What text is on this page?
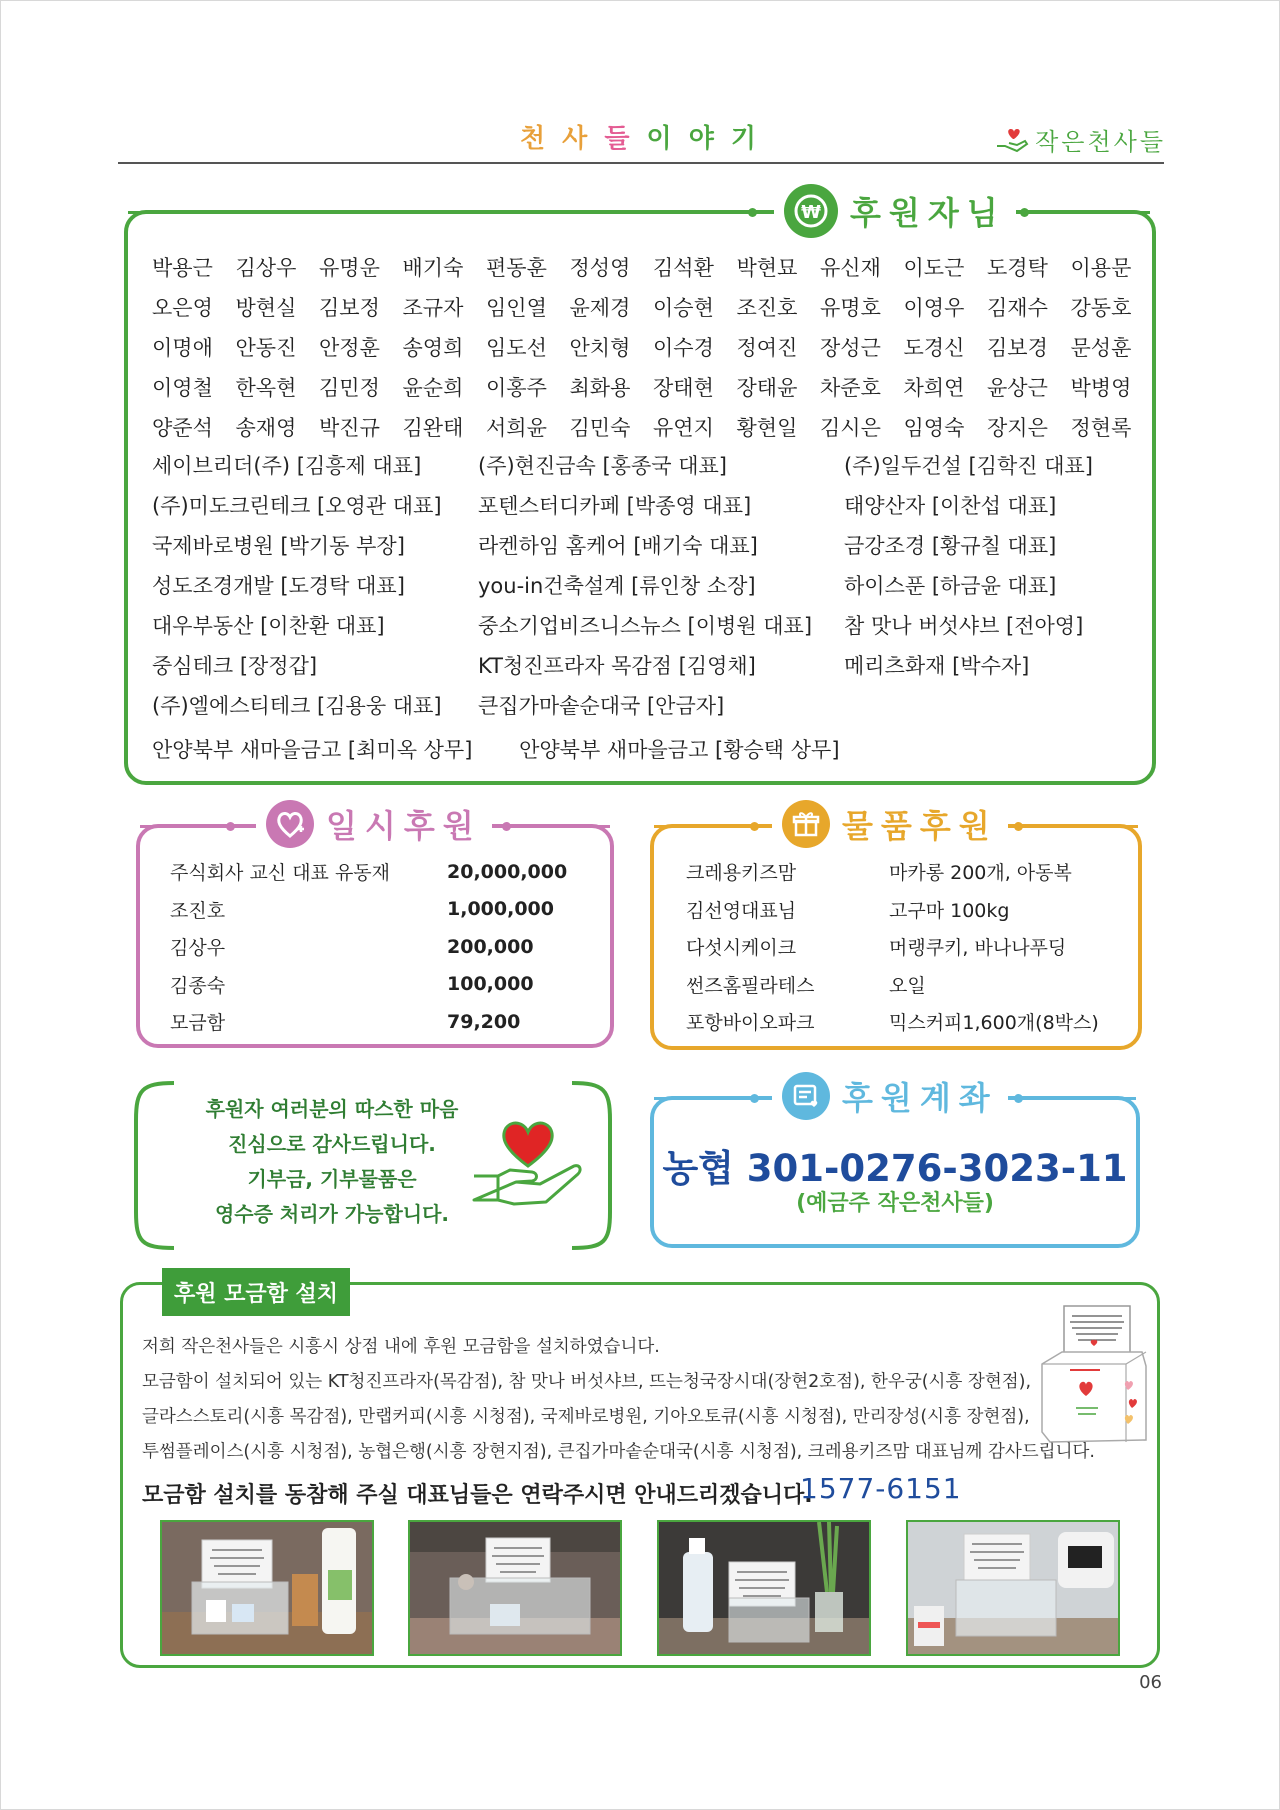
천 사 들 이 야 기	작은천사들
박용근	김상우	유명운	배기숙	편동훈	정성영	김석환	박현묘	유신재	이도근	도경탁	이용문
오은영	방현실	김보정	조규자	임인열	윤제경	이승현	조진호	유명호	이영우	김재수	강동호
이명애	안동진	안정훈	송영희	임도선	안치형	이수경	정여진	장성근	도경신	김보경	문성훈
이영철	한옥현	김민정	윤순희	이홍주	최화용	장태현	장태윤	차준호	차희연	윤상근	박병영
양준석	송재영	박진규	김완태	서희윤	김민숙	유연지	황현일	김시은	임영숙	장지은	정현록
세이브리더(주) [김흥제 대표]	(주)현진금속 [홍종국 대표]	(주)일두건설 [김학진 대표]
(주)미도크린테크 [오영관 대표]	포텐스터디카페 [박종영 대표]	태양산자 [이찬섭 대표]
국제바로병원 [박기동 부장]	라켄하임 홈케어 [배기숙 대표]	금강조경 [황규칠 대표]
성도조경개발 [도경탁 대표]	you-in건축설계 [류인창 소장]	하이스푼 [하금윤 대표]
대우부동산 [이찬환 대표]	중소기업비즈니스뉴스 [이병원 대표]	참 맛나 버섯샤브 [전아영]
중심테크 [장정갑]	KT청진프라자 목감점 [김영채]	메리츠화재 [박수자]
(주)엘에스티테크 [김용웅 대표]	큰집가마솥순대국 [안금자]
안양북부 새마을금고 [최미옥 상무] 안양북부 새마을금고 [황승택 상무]
₩ 후원자님
일시후원
주식회사 교신 대표 유동재	20,000,000
조진호	1,000,000
김상우	200,000
김종숙	100,000
모금함	79,200
물품후원
크레용키즈맘	마카롱 200개, 아동복
김선영대표님	고구마 100kg
다섯시케이크	머랭쿠키, 바나나푸딩
썬즈홈필라테스	오일
포항바이오파크	믹스커피1,600개(8박스)
후원자 여러분의 따스한 마음
진심으로 감사드립니다.
기부금, 기부물품은
영수증 처리가 가능합니다.
후원계좌
농협 301-0276-3023-11
(예금주 작은천사들)
후원 모금함 설치

저희 작은천사들은 시흥시 상점 내에 후원 모금함을 설치하였습니다.

모금함이 설치되어 있는 KT청진프라자(목감점), 참 맛나 버섯샤브, 뜨는청국장시대(장현2호점), 한우궁(시흥 장현점),

글라스스토리(시흥 목감점), 만랩커피(시흥 시청점), 국제바로병원, 기아오토큐(시흥 시청점), 만리장성(시흥 장현점),

투썸플레이스(시흥 시청점), 농협은행(시흥 장현지점), 큰집가마솥순대국(시흥 시청점), 크레용키즈맘 대표님께 감사드립니다.

모금함 설치를 동참해 주실 대표님들은 연락주시면 안내드리겠습니다.
1577-6151
06
